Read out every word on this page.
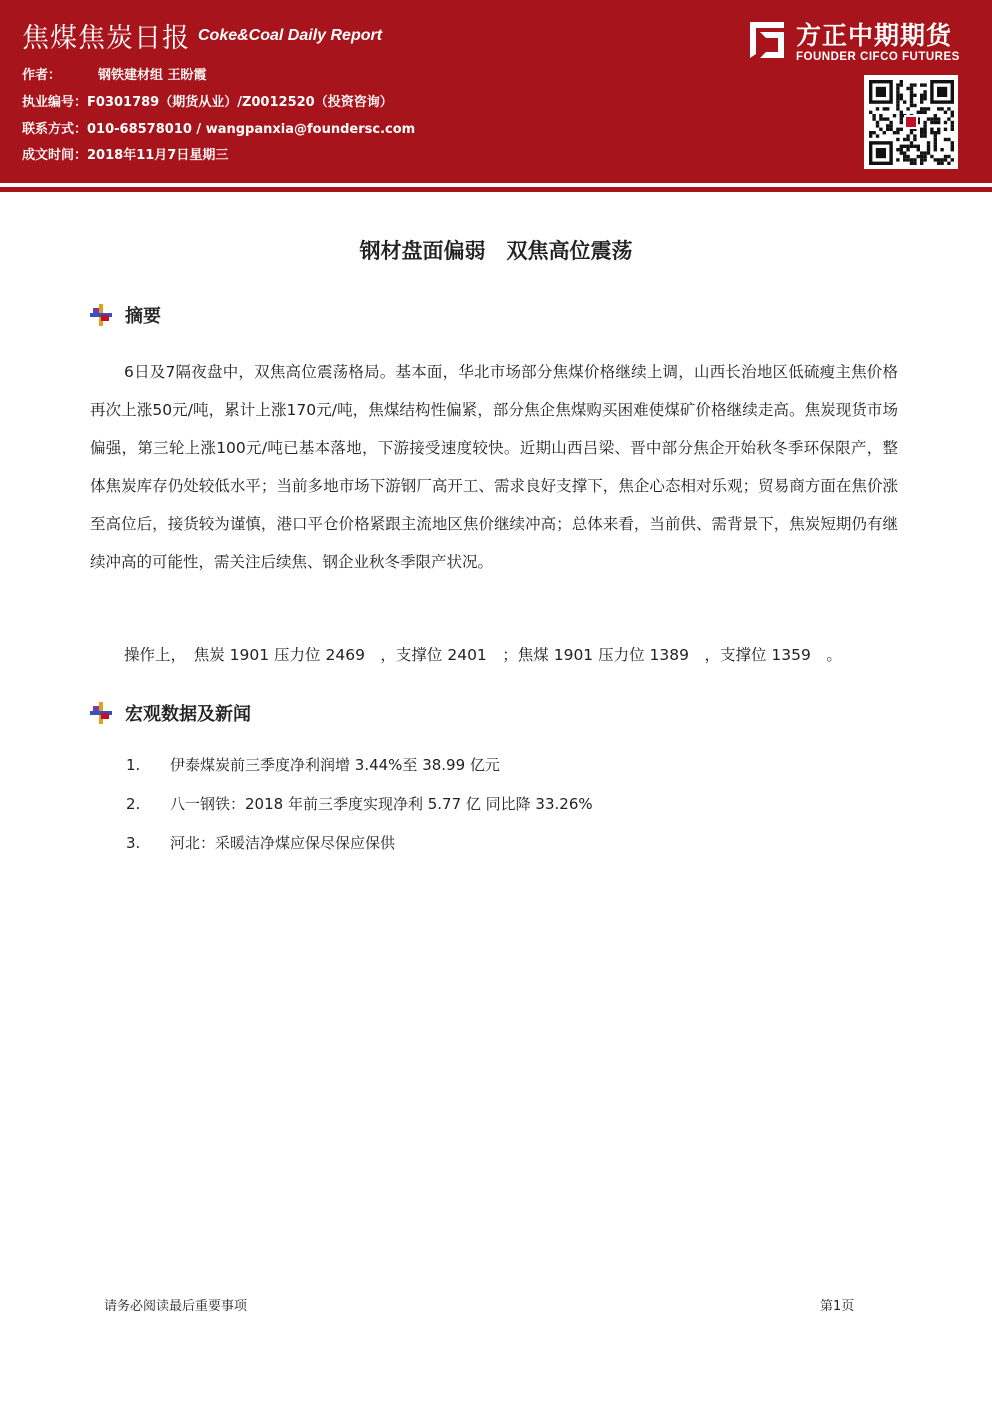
焦煤焦炭日报 Coke&Coal Daily Report
作者：	钢铁建材组 王盼霞
执业编号：F0301789（期货从业）/Z0012520（投资咨询）
联系方式：010-68578010 / wangpanxia@foundersc.com
成文时间：2018年11月7日星期三
方正中期期货
FOUNDER CIFCO FUTURES
钢材盘面偏弱　双焦高位震荡
摘要
6日及7隔夜盘中，双焦高位震荡格局。基本面，华北市场部分焦煤价格继续上调，山西长治地区低硫瘦主焦价格再次上涨50元/吨，累计上涨170元/吨，焦煤结构性偏紧，部分焦企焦煤购买困难使煤矿价格继续走高。焦炭现货市场偏强，第三轮上涨100元/吨已基本落地，下游接受速度较快。近期山西吕梁、晋中部分焦企开始秋冬季环保限产，整体焦炭库存仍处较低水平；当前多地市场下游钢厂高开工、需求良好支撑下，焦企心态相对乐观；贸易商方面在焦价涨至高位后，接货较为谨慎，港口平仓价格紧跟主流地区焦价继续冲高；总体来看，当前供、需背景下，焦炭短期仍有继续冲高的可能性，需关注后续焦、钢企业秋冬季限产状况。
操作上，　焦炭 1901 压力位 2469　，支撑位 2401　；焦煤 1901 压力位 1389　，支撑位 1359　。
宏观数据及新闻
1. 伊泰煤炭前三季度净利润增 3.44%至 38.99 亿元
2. 八一钢铁：2018 年前三季度实现净利 5.77 亿 同比降 33.26%
3. 河北：采暖洁净煤应保尽保应保供
请务必阅读最后重要事项	第1页
